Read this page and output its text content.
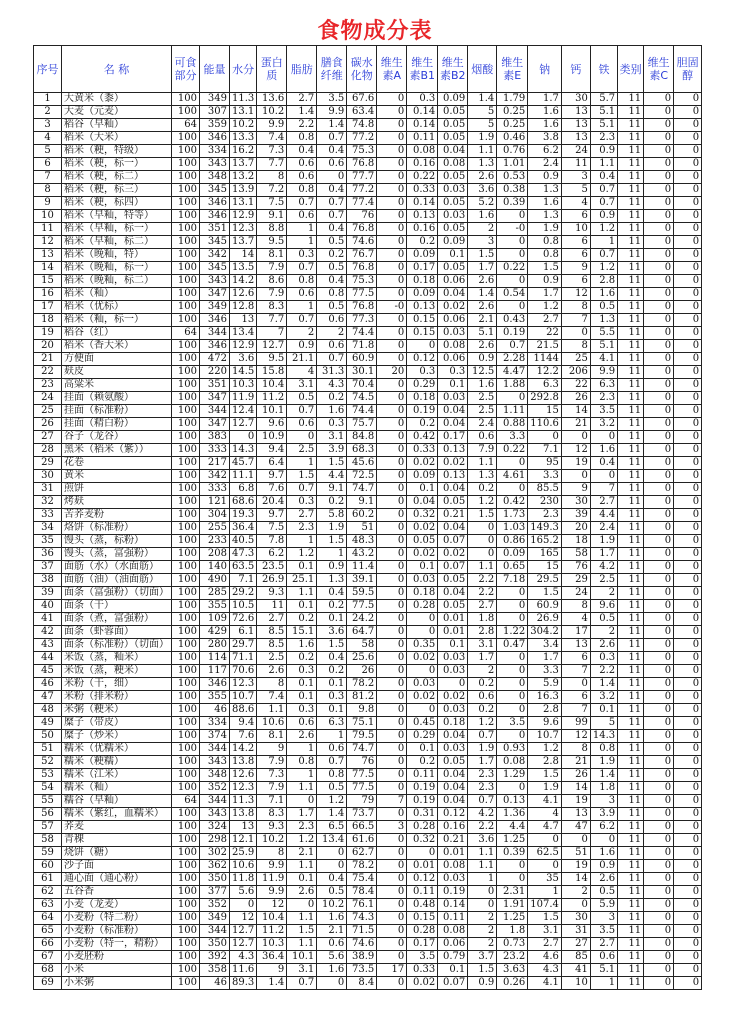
食物成分表
序号	名 称	可食部分	能量	水分	蛋白质	脂肪	膳食纤维	碳水化物	维生素A	维生素B1	维生素B2	烟酸	维生素E	钠	钙	铁	类别	维生素C	胆固醇
1	大黄米（黍）	100	349	11.3	13.6	2.7	3.5	67.6	0	0.3	0.09	1.4	1.79	1.7	30	5.7	11	0	0
2	大麦（元麦）	100	307	13.1	10.2	1.4	9.9	63.4	0	0.14	0.05	5	0.25	1.6	13	5.1	11	0	0
3	稻谷（早籼）	64	359	10.2	9.9	2.2	1.4	74.8	0	0.14	0.05	5	0.25	1.6	13	5.1	11	0	0
4	稻米（大米）	100	346	13.3	7.4	0.8	0.7	77.2	0	0.11	0.05	1.9	0.46	3.8	13	2.3	11	0	0
5	稻米（粳，特级）	100	334	16.2	7.3	0.4	0.4	75.3	0	0.08	0.04	1.1	0.76	6.2	24	0.9	11	0	0
6	稻米（粳，标一）	100	343	13.7	7.7	0.6	0.6	76.8	0	0.16	0.08	1.3	1.01	2.4	11	1.1	11	0	0
7	稻米（粳，标二）	100	348	13.2	8	0.6	0	77.7	0	0.22	0.05	2.6	0.53	0.9	3	0.4	11	0	0
8	稻米（粳，标三）	100	345	13.9	7.2	0.8	0.4	77.2	0	0.33	0.03	3.6	0.38	1.3	5	0.7	11	0	0
9	稻米（粳，标四）	100	346	13.1	7.5	0.7	0.7	77.4	0	0.14	0.05	5.2	0.39	1.6	4	0.7	11	0	0
10	稻米（早籼，特等）	100	346	12.9	9.1	0.6	0.7	76	0	0.13	0.03	1.6	0	1.3	6	0.9	11	0	0
11	稻米（早籼，标一）	100	351	12.3	8.8	1	0.4	76.8	0	0.16	0.05	2	-0	1.9	10	1.2	11	0	0
12	稻米（早籼，标二）	100	345	13.7	9.5	1	0.5	74.6	0	0.2	0.09	3	0	0.8	6	1	11	0	0
13	稻米（晚籼，特）	100	342	14	8.1	0.3	0.2	76.7	0	0.09	0.1	1.5	0	0.8	6	0.7	11	0	0
14	稻米（晚籼，标一）	100	345	13.5	7.9	0.7	0.5	76.8	0	0.17	0.05	1.7	0.22	1.5	9	1.2	11	0	0
15	稻米（晚籼，标二）	100	343	14.2	8.6	0.8	0.4	75.3	0	0.18	0.06	2.6	0	0.9	6	2.8	11	0	0
16	稻米（籼）	100	347	12.6	7.9	0.6	0.8	77.5	0	0.09	0.04	1.4	0.54	1.7	12	1.6	11	0	0
17	稻米（优标）	100	349	12.8	8.3	1	0.5	76.8	-0	0.13	0.02	2.6	0	1.2	8	0.5	11	0	0
18	稻米（籼，标一）	100	346	13	7.7	0.7	0.6	77.3	0	0.15	0.06	2.1	0.43	2.7	7	1.3	11	0	0
19	稻谷（红）	64	344	13.4	7	2	2	74.4	0	0.15	0.03	5.1	0.19	22	0	5.5	11	0	0
20	稻米（香大米）	100	346	12.9	12.7	0.9	0.6	71.8	0	0	0.08	2.6	0.7	21.5	8	5.1	11	0	0
21	方便面	100	472	3.6	9.5	21.1	0.7	60.9	0	0.12	0.06	0.9	2.28	1144	25	4.1	11	0	0
22	麸皮	100	220	14.5	15.8	4	31.3	30.1	20	0.3	0.3	12.5	4.47	12.2	206	9.9	11	0	0
23	高粱米	100	351	10.3	10.4	3.1	4.3	70.4	0	0.29	0.1	1.6	1.88	6.3	22	6.3	11	0	0
24	挂面（赖氨酸）	100	347	11.9	11.2	0.5	0.2	74.5	0	0.18	0.03	2.5	0	292.8	26	2.3	11	0	0
25	挂面（标准粉）	100	344	12.4	10.1	0.7	1.6	74.4	0	0.19	0.04	2.5	1.11	15	14	3.5	11	0	0
26	挂面（精白粉）	100	347	12.7	9.6	0.6	0.3	75.7	0	0.2	0.04	2.4	0.88	110.6	21	3.2	11	0	0
27	谷子（龙谷）	100	383	0	10.9	0	3.1	84.8	0	0.42	0.17	0.6	3.3	0	0	0	11	0	0
28	黑米（稻米（紫））	100	333	14.3	9.4	2.5	3.9	68.3	0	0.33	0.13	7.9	0.22	7.1	12	1.6	11	0	0
29	花卷	100	217	45.7	6.4	1	1.5	45.6	0	0.02	0.02	1.1	0	95	19	0.4	11	0	0
30	黄米	100	342	11.1	9.7	1.5	4.4	72.5	0	0.09	0.13	1.3	4.61	3.3	0	0	11	0	0
31	煎饼	100	333	6.8	7.6	0.7	9.1	74.7	0	0.1	0.04	0.2	0	85.5	9	7	11	0	0
32	烤麸	100	121	68.6	20.4	0.3	0.2	9.1	0	0.04	0.05	1.2	0.42	230	30	2.7	11	0	0
33	苦荞麦粉	100	304	19.3	9.7	2.7	5.8	60.2	0	0.32	0.21	1.5	1.73	2.3	39	4.4	11	0	0
34	烙饼（标准粉）	100	255	36.4	7.5	2.3	1.9	51	0	0.02	0.04	0	1.03	149.3	20	2.4	11	0	0
35	馒头（蒸，标粉）	100	233	40.5	7.8	1	1.5	48.3	0	0.05	0.07	0	0.86	165.2	18	1.9	11	0	0
36	馒头（蒸，富强粉）	100	208	47.3	6.2	1.2	1	43.2	0	0.02	0.02	0	0.09	165	58	1.7	11	0	0
37	面筋（水）（水面筋）	100	140	63.5	23.5	0.1	0.9	11.4	0	0.1	0.07	1.1	0.65	15	76	4.2	11	0	0
38	面筋（油）（油面筋）	100	490	7.1	26.9	25.1	1.3	39.1	0	0.03	0.05	2.2	7.18	29.5	29	2.5	11	0	0
39	面条（富强粉）（切面）	100	285	29.2	9.3	1.1	0.4	59.5	0	0.18	0.04	2.2	0	1.5	24	2	11	0	0
40	面条（干）	100	355	10.5	11	0.1	0.2	77.5	0	0.28	0.05	2.7	0	60.9	8	9.6	11	0	0
41	面条（煮，富强粉）	100	109	72.6	2.7	0.2	0.1	24.2	0	0	0.01	1.8	0	26.9	4	0.5	11	0	0
42	面条（虾蓉面）	100	429	6.1	8.5	15.1	3.6	64.7	0	0	0.01	2.8	1.22	304.2	17	2	11	0	0
43	面条（标准粉）（切面）	100	280	29.7	8.5	1.6	1.5	58	0	0.35	0.1	3.1	0.47	3.4	13	2.6	11	0	0
44	米饭（蒸，籼米）	100	114	71.1	2.5	0.2	0.4	25.6	0	0.02	0.03	1.7	0	1.7	6	0.3	11	0	0
45	米饭（蒸，粳米）	100	117	70.6	2.6	0.3	0.2	26	0	0	0.03	2	0	3.3	7	2.2	11	0	0
46	米粉（干，细）	100	346	12.3	8	0.1	0.1	78.2	0	0.03	0	0.2	0	5.9	0	1.4	11	0	0
47	米粉（排米粉）	100	355	10.7	7.4	0.1	0.3	81.2	0	0.02	0.02	0.6	0	16.3	6	3.2	11	0	0
48	米粥（粳米）	100	46	88.6	1.1	0.3	0.1	9.8	0	0	0.03	0.2	0	2.8	7	0.1	11	0	0
49	糜子（带皮）	100	334	9.4	10.6	0.6	6.3	75.1	0	0.45	0.18	1.2	3.5	9.6	99	5	11	0	0
50	糜子（炒米）	100	374	7.6	8.1	2.6	1	79.5	0	0.29	0.04	0.7	0	10.7	12	14.3	11	0	0
51	糯米（优糯米）	100	344	14.2	9	1	0.6	74.7	0	0.1	0.03	1.9	0.93	1.2	8	0.8	11	0	0
52	糯米（粳糯）	100	343	13.8	7.9	0.8	0.7	76	0	0.2	0.05	1.7	0.08	2.8	21	1.9	11	0	0
53	糯米（江米）	100	348	12.6	7.3	1	0.8	77.5	0	0.11	0.04	2.3	1.29	1.5	26	1.4	11	0	0
54	糯米（籼）	100	352	12.3	7.9	1.1	0.5	77.5	0	0.19	0.04	2.3	0	1.9	14	1.8	11	0	0
55	糯谷（早籼）	64	344	11.3	7.1	0	1.2	79	7	0.19	0.04	0.7	0.13	4.1	19	3	11	0	0
56	糯米（紫红，血糯米）	100	343	13.8	8.3	1.7	1.4	73.7	0	0.31	0.12	4.2	1.36	4	13	3.9	11	0	0
57	荞麦	100	324	13	9.3	2.3	6.5	66.5	3	0.28	0.16	2.2	4.4	4.7	47	6.2	11	0	0
58	青稞	100	298	12.1	10.2	1.2	13.4	61.6	0	0.32	0.21	3.6	1.25	0	0	0	11	0	0
59	烧饼（糖）	100	302	25.9	8	2.1	0	62.7	0	0	0.01	1.1	0.39	62.5	51	1.6	11	0	0
60	沙子面	100	362	10.6	9.9	1.1	0	78.2	0	0.01	0.08	1.1	0	0	19	0.9	11	0	0
61	通心面（通心粉）	100	350	11.8	11.9	0.1	0.4	75.4	0	0.12	0.03	1	0	35	14	2.6	11	0	0
62	五谷香	100	377	5.6	9.9	2.6	0.5	78.4	0	0.11	0.19	0	2.31	1	2	0.5	11	0	0
63	小麦（龙麦）	100	352	0	12	0	10.2	76.1	0	0.48	0.14	0	1.91	107.4	0	5.9	11	0	0
64	小麦粉（特二粉）	100	349	12	10.4	1.1	1.6	74.3	0	0.15	0.11	2	1.25	1.5	30	3	11	0	0
65	小麦粉（标准粉）	100	344	12.7	11.2	1.5	2.1	71.5	0	0.28	0.08	2	1.8	3.1	31	3.5	11	0	0
66	小麦粉（特一，精粉）	100	350	12.7	10.3	1.1	0.6	74.6	0	0.17	0.06	2	0.73	2.7	27	2.7	11	0	0
67	小麦胚粉	100	392	4.3	36.4	10.1	5.6	38.9	0	3.5	0.79	3.7	23.2	4.6	85	0.6	11	0	0
68	小米	100	358	11.6	9	3.1	1.6	73.5	17	0.33	0.1	1.5	3.63	4.3	41	5.1	11	0	0
69	小米粥	100	46	89.3	1.4	0.7	0	8.4	0	0.02	0.07	0.9	0.26	4.1	10	1	11	0	0
